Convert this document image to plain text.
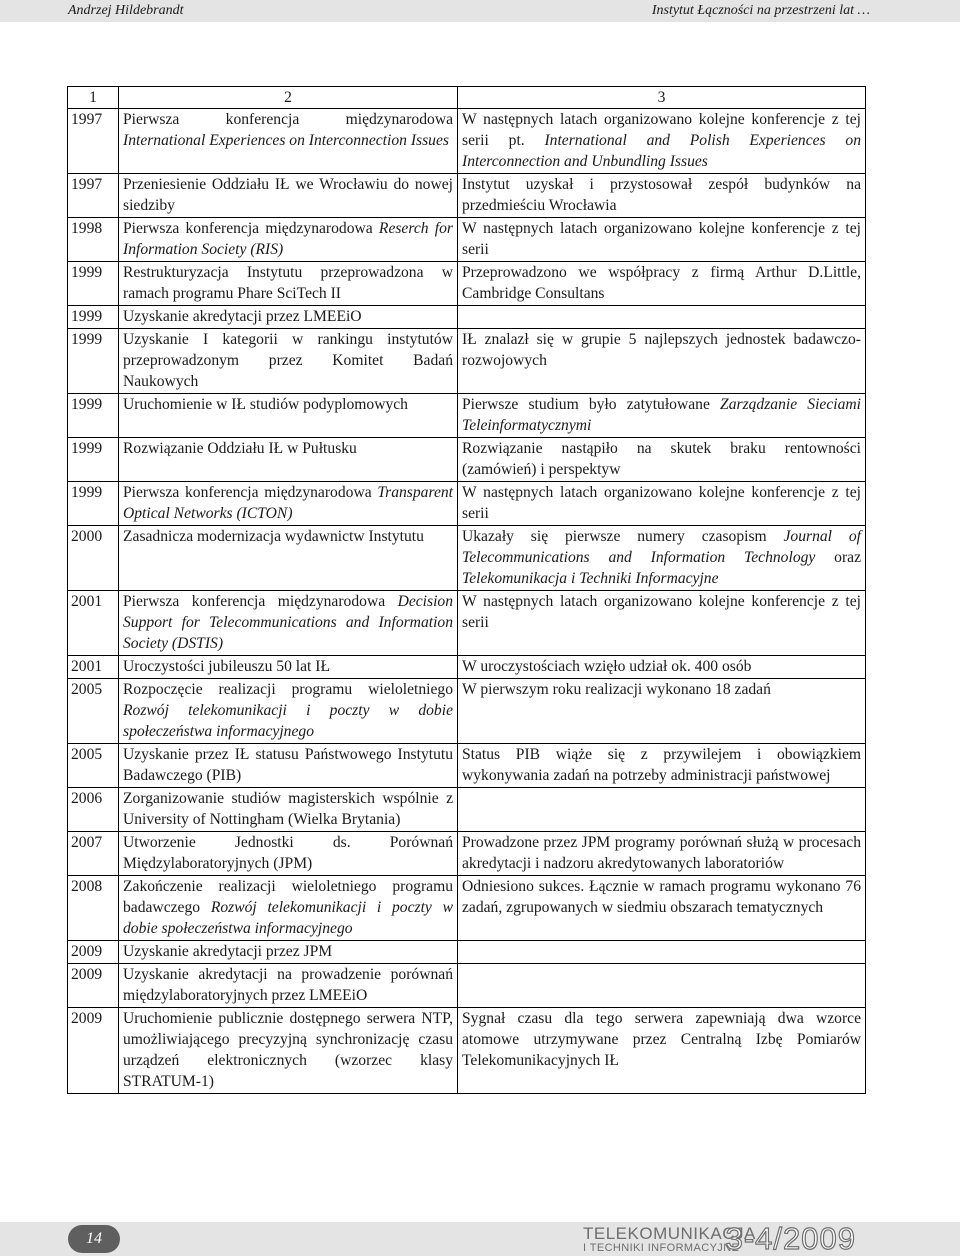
Andrzej Hildebrandt	Instytut Łączności na przestrzeni lat …
1	2	3
1997	Pierwsza konferencja międzynarodowa International Experiences on Interconnection Issues	W następnych latach organizowano kolejne konferencje z tej serii pt. International and Polish Experiences on Interconnection and Unbundling Issues
1997	Przeniesienie Oddziału IŁ we Wrocławiu do nowej siedziby	Instytut uzyskał i przystosował zespół budynków na przedmieściu Wrocławia
1998	Pierwsza konferencja międzynarodowa Reserch for Information Society (RIS)	W następnych latach organizowano kolejne konferencje z tej serii
1999	Restrukturyzacja Instytutu przeprowadzona w ramach programu Phare SciTech II	Przeprowadzono we współpracy z firmą Arthur D.Little, Cambridge Consultans
1999	Uzyskanie akredytacji przez LMEEiO	
1999	Uzyskanie I kategorii w rankingu instytutów przeprowadzonym przez Komitet Badań Naukowych	IŁ znalazł się w grupie 5 najlepszych jednostek badawczo-rozwojowych
1999	Uruchomienie w IŁ studiów podyplomowych	Pierwsze studium było zatytułowane Zarządzanie Sieciami Teleinformatycznymi
1999	Rozwiązanie Oddziału IŁ w Pułtusku	Rozwiązanie nastąpiło na skutek braku rentowności (zamówień) i perspektyw
1999	Pierwsza konferencja międzynarodowa Transparent Optical Networks (ICTON)	W następnych latach organizowano kolejne konferencje z tej serii
2000	Zasadnicza modernizacja wydawnictw Instytutu	Ukazały się pierwsze numery czasopism Journal of Telecommunications and Information Technology oraz Telekomunikacja i Techniki Informacyjne
2001	Pierwsza konferencja międzynarodowa Decision Support for Telecommunications and Information Society (DSTIS)	W następnych latach organizowano kolejne konferencje z tej serii
2001	Uroczystości jubileuszu 50 lat IŁ	W uroczystościach wzięło udział ok. 400 osób
2005	Rozpoczęcie realizacji programu wieloletniego Rozwój telekomunikacji i poczty w dobie społeczeństwa informacyjnego	W pierwszym roku realizacji wykonano 18 zadań
2005	Uzyskanie przez IŁ statusu Państwowego Instytutu Badawczego (PIB)	Status PIB wiąże się z przywilejem i obowiązkiem wykonywania zadań na potrzeby administracji państwowej
2006	Zorganizowanie studiów magisterskich wspólnie z University of Nottingham (Wielka Brytania)	
2007	Utworzenie Jednostki ds. Porównań Międzylaboratoryjnych (JPM)	Prowadzone przez JPM programy porównań służą w procesach akredytacji i nadzoru akredytowanych laboratoriów
2008	Zakończenie realizacji wieloletniego programu badawczego Rozwój telekomunikacji i poczty w dobie społeczeństwa informacyjnego	Odniesiono sukces. Łącznie w ramach programu wykonano 76 zadań, zgrupowanych w siedmiu obszarach tematycznych
2009	Uzyskanie akredytacji przez JPM	
2009	Uzyskanie akredytacji na prowadzenie porównań międzylaboratoryjnych przez LMEEiO	
2009	Uruchomienie publicznie dostępnego serwera NTP, umożliwiającego precyzyjną synchronizację czasu urządzeń elektronicznych (wzorzec klasy STRATUM-1)	Sygnał czasu dla tego serwera zapewniają dwa wzorce atomowe utrzymywane przez Centralną Izbę Pomiarów Telekomunikacyjnych IŁ
14	TELEKOMUNIKACJA
I TECHNIKI INFORMACYJNE
3-4/2009
